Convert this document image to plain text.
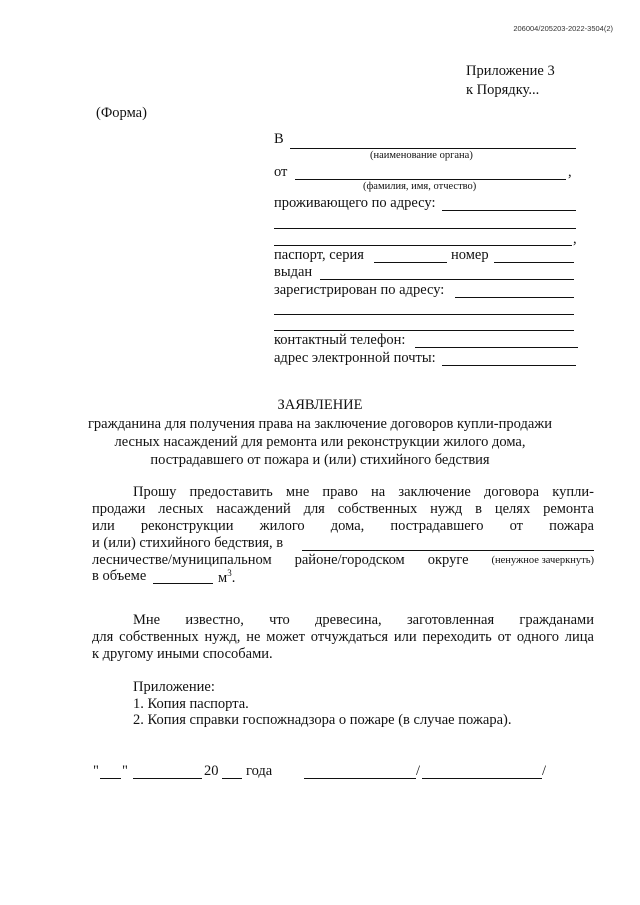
206004/205203-2022-3504(2)
Приложение 3
к Порядку...
(Форма)
В
(наименование органа)
от	,
(фамилия, имя, отчество)
проживающего по адресу:
,
паспорт, серия	номер
выдан
зарегистрирован по адресу:
контактный телефон:
адрес электронной почты:
ЗАЯВЛЕНИЕ
гражданина для получения права на заключение договоров купли-продажи
лесных насаждений для ремонта или реконструкции жилого дома,
пострадавшего от пожара и (или) стихийного бедствия
Прошу предоставить мне право на заключение договора купли-
продажи лесных насаждений для собственных нужд в целях ремонта
или реконструкции жилого дома, пострадавшего от пожара
и (или) стихийного бедствия, в
лесничестве/муниципальном районе/городском округе (ненужное зачеркнуть)
в объеме	$м^3$.
Мне известно, что древесина, заготовленная гражданами
для собственных нужд, не может отчуждаться или переходить от одного лица
к другому иными способами.
Приложение:
1. Копия паспорта.
2. Копия справки госпожнадзора о пожаре (в случае пожара).
" "	20 года	/	/
